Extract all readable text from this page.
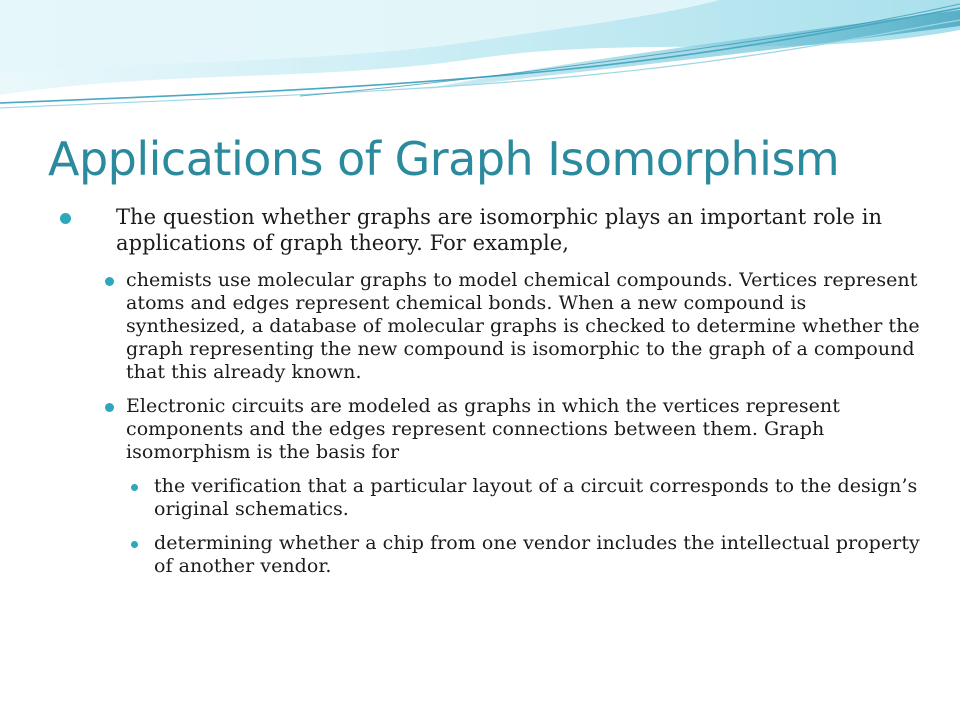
Applications of Graph Isomorphism
The question whether graphs are isomorphic plays an important role in applications of graph theory. For example,
chemists use molecular graphs to model chemical compounds. Vertices represent atoms and edges represent chemical bonds. When a new compound is synthesized, a database of molecular graphs is checked to determine whether the graph representing the new compound is isomorphic to the graph of a compound that this already known.
Electronic circuits are modeled as graphs in which the vertices represent components and the edges represent connections between them. Graph isomorphism is the basis for
the verification that a particular layout of a circuit corresponds to the design’s original schematics.
determining whether a chip from one vendor includes the intellectual property of another vendor.
